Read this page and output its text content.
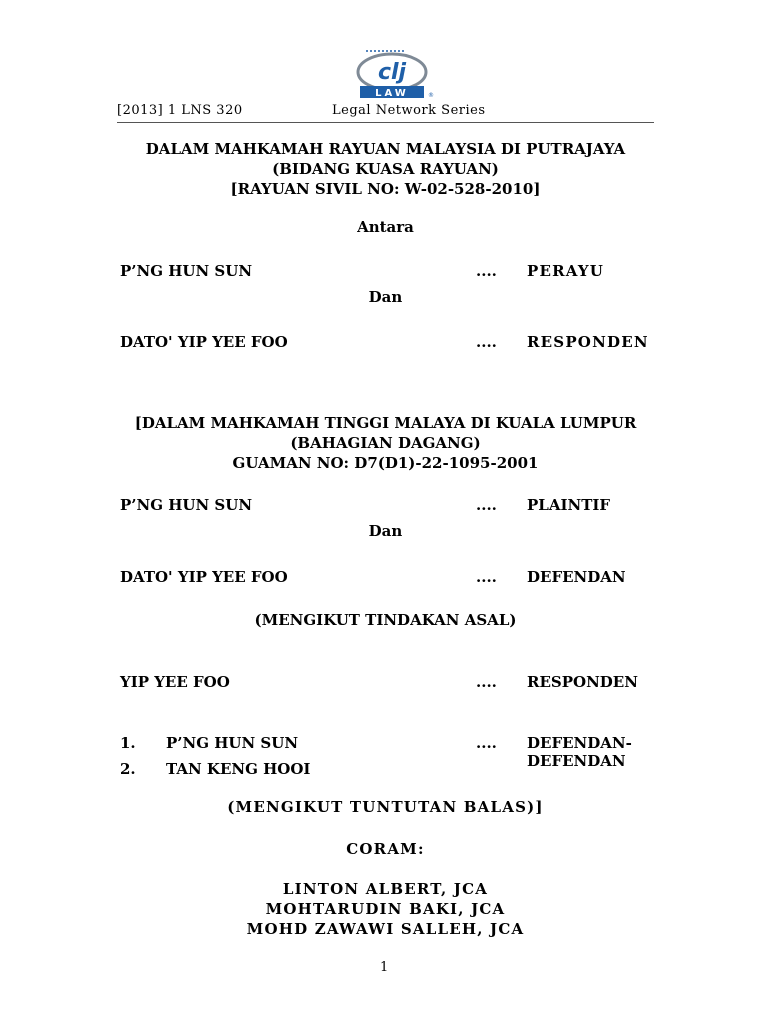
clj
LAW	®
[2013] 1 LNS 320	Legal Network Series
DALAM MAHKAMAH RAYUAN MALAYSIA DI PUTRAJAYA
(BIDANG KUASA RAYUAN)
[RAYUAN SIVIL NO: W-02-528-2010]
Antara
P’NG HUN SUN	.... PERAYU
Dan
DATO' YIP YEE FOO	.... RESPONDEN
[DALAM MAHKAMAH TINGGI MALAYA DI KUALA LUMPUR
(BAHAGIAN DAGANG)
GUAMAN NO: D7(D1)-22-1095-2001
P’NG HUN SUN	.... PLAINTIF
Dan
DATO' YIP YEE FOO	.... DEFENDAN
(MENGIKUT TINDAKAN ASAL)
YIP YEE FOO	.... RESPONDEN
1. P’NG HUN SUN	.... DEFENDAN-
DEFENDAN
2. TAN KENG HOOI
(MENGIKUT TUNTUTAN BALAS)]
CORAM:
LINTON ALBERT, JCA
MOHTARUDIN BAKI, JCA
MOHD ZAWAWI SALLEH, JCA
1
